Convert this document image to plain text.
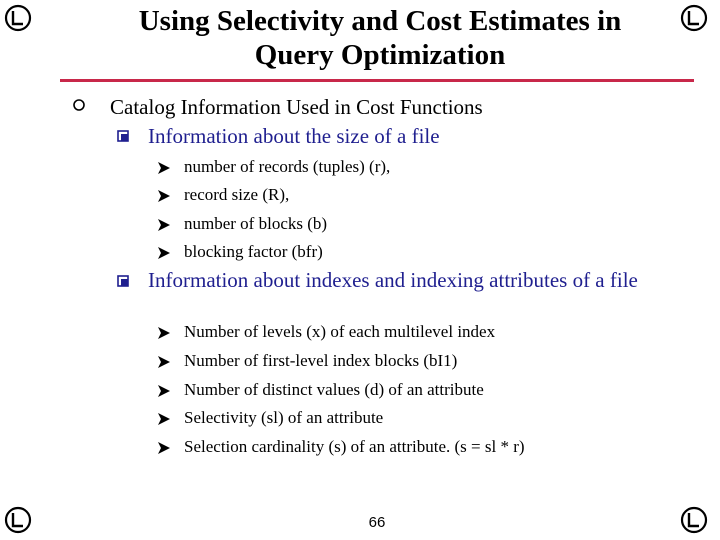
Using Selectivity and Cost Estimates in
Query Optimization
Catalog Information Used in Cost Functions
Information about the size of a file
number of records (tuples) (r),
record size (R),
number of blocks (b)
blocking factor (bfr)
Information about indexes and indexing attributes of a file
Number of levels (x) of each multilevel index
Number of first-level index blocks (bI1)
Number of distinct values (d) of an attribute
Selectivity (sl) of an attribute
Selection cardinality (s) of an attribute. (s = sl * r)
66
